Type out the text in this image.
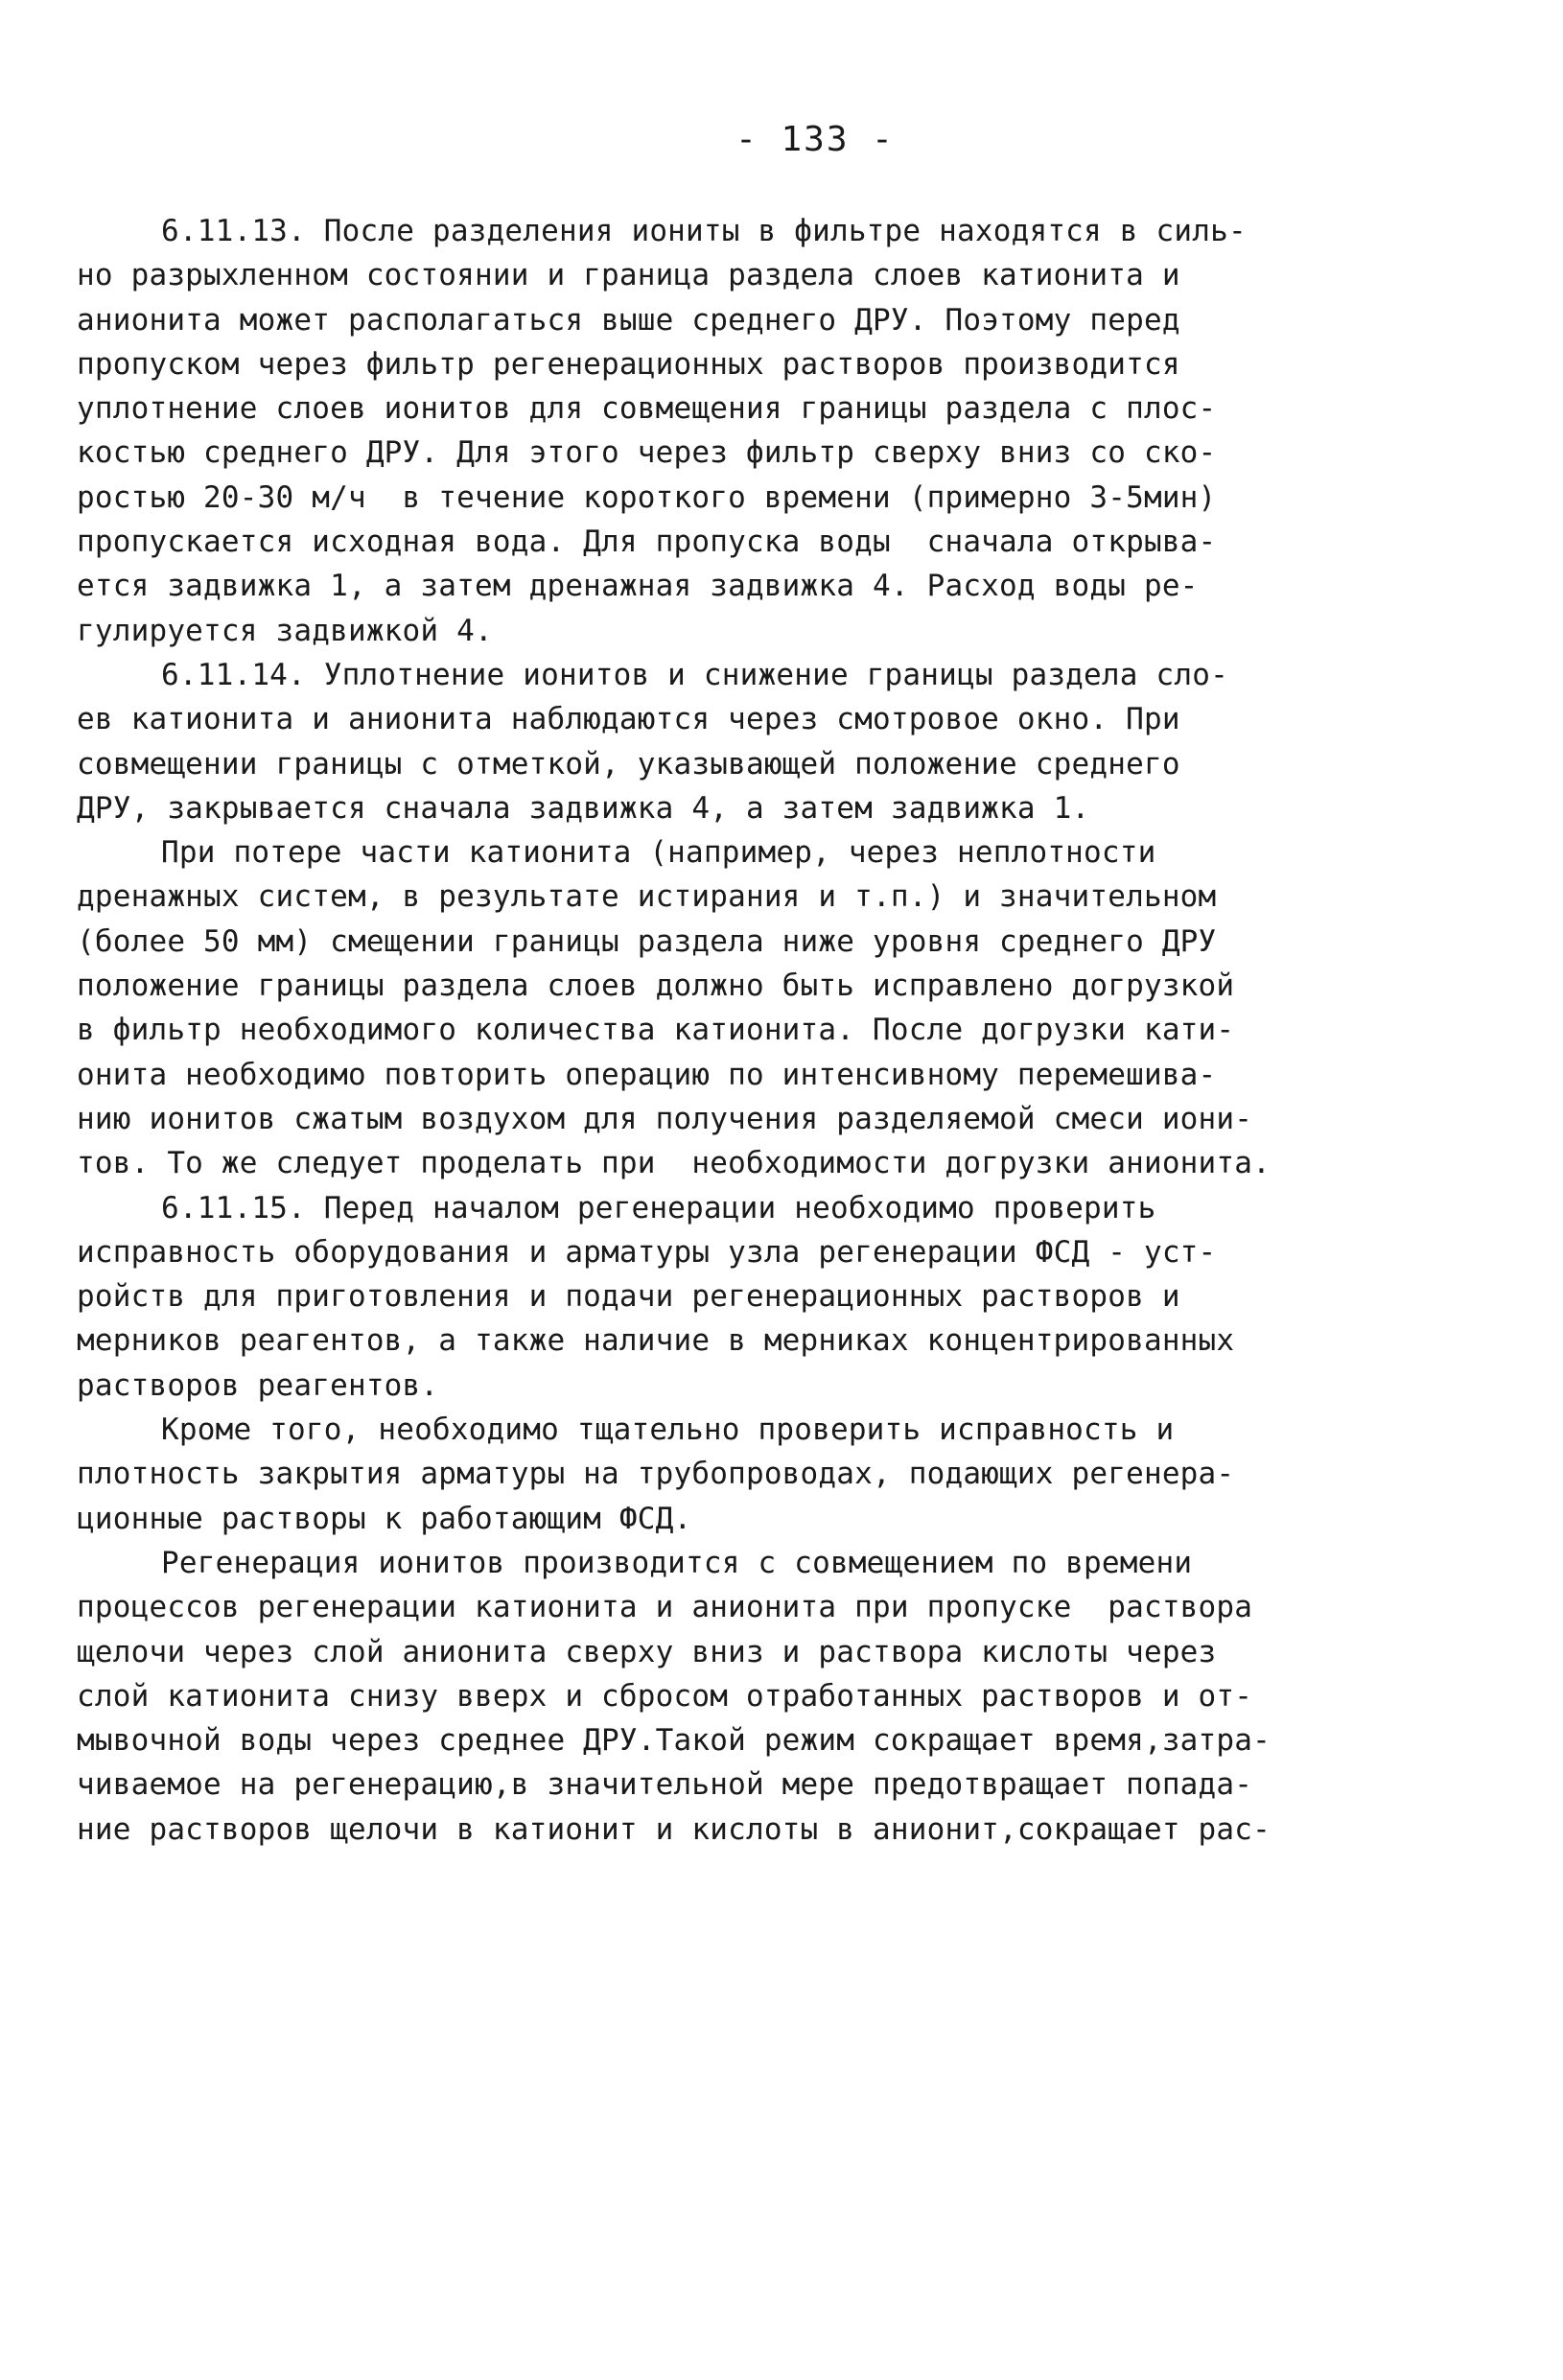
- 133 -
6.11.13. После разделения иониты в фильтре находятся в силь-
но разрыхленном состоянии и граница раздела слоев катионита и
анионита может располагаться выше среднего ДРУ. Поэтому перед
пропуском через фильтр регенерационных растворов производится
уплотнение слоев ионитов для совмещения границы раздела с плос-
костью среднего ДРУ. Для этого через фильтр сверху вниз со ско-
ростью 20-30 м/ч  в течение короткого времени (примерно 3-5мин)
пропускается исходная вода. Для пропуска воды  сначала открыва-
ется задвижка 1, а затем дренажная задвижка 4. Расход воды ре-
гулируется задвижкой 4.
6.11.14. Уплотнение ионитов и снижение границы раздела сло-
ев катионита и анионита наблюдаются через смотровое окно. При
совмещении границы с отметкой, указывающей положение среднего
ДРУ, закрывается сначала задвижка 4, а затем задвижка 1.
При потере части катионита (например, через неплотности
дренажных систем, в результате истирания и т.п.) и значительном
(более 50 мм) смещении границы раздела ниже уровня среднего ДРУ
положение границы раздела слоев должно быть исправлено догрузкой
в фильтр необходимого количества катионита. После догрузки кати-
онита необходимо повторить операцию по интенсивному перемешива-
нию ионитов сжатым воздухом для получения разделяемой смеси иони-
тов. То же следует проделать при  необходимости догрузки анионита.
6.11.15. Перед началом регенерации необходимо проверить
исправность оборудования и арматуры узла регенерации ФСД - уст-
ройств для приготовления и подачи регенерационных растворов и
мерников реагентов, а также наличие в мерниках концентрированных
растворов реагентов.
Кроме того, необходимо тщательно проверить исправность и
плотность закрытия арматуры на трубопроводах, подающих регенера-
ционные растворы к работающим ФСД.
Регенерация ионитов производится с совмещением по времени
процессов регенерации катионита и анионита при пропуске  раствора
щелочи через слой анионита сверху вниз и раствора кислоты через
слой катионита снизу вверх и сбросом отработанных растворов и от-
мывочной воды через среднее ДРУ.Такой режим сокращает время,затра-
чиваемое на регенерацию,в значительной мере предотвращает попада-
ние растворов щелочи в катионит и кислоты в анионит,сокращает рас-
